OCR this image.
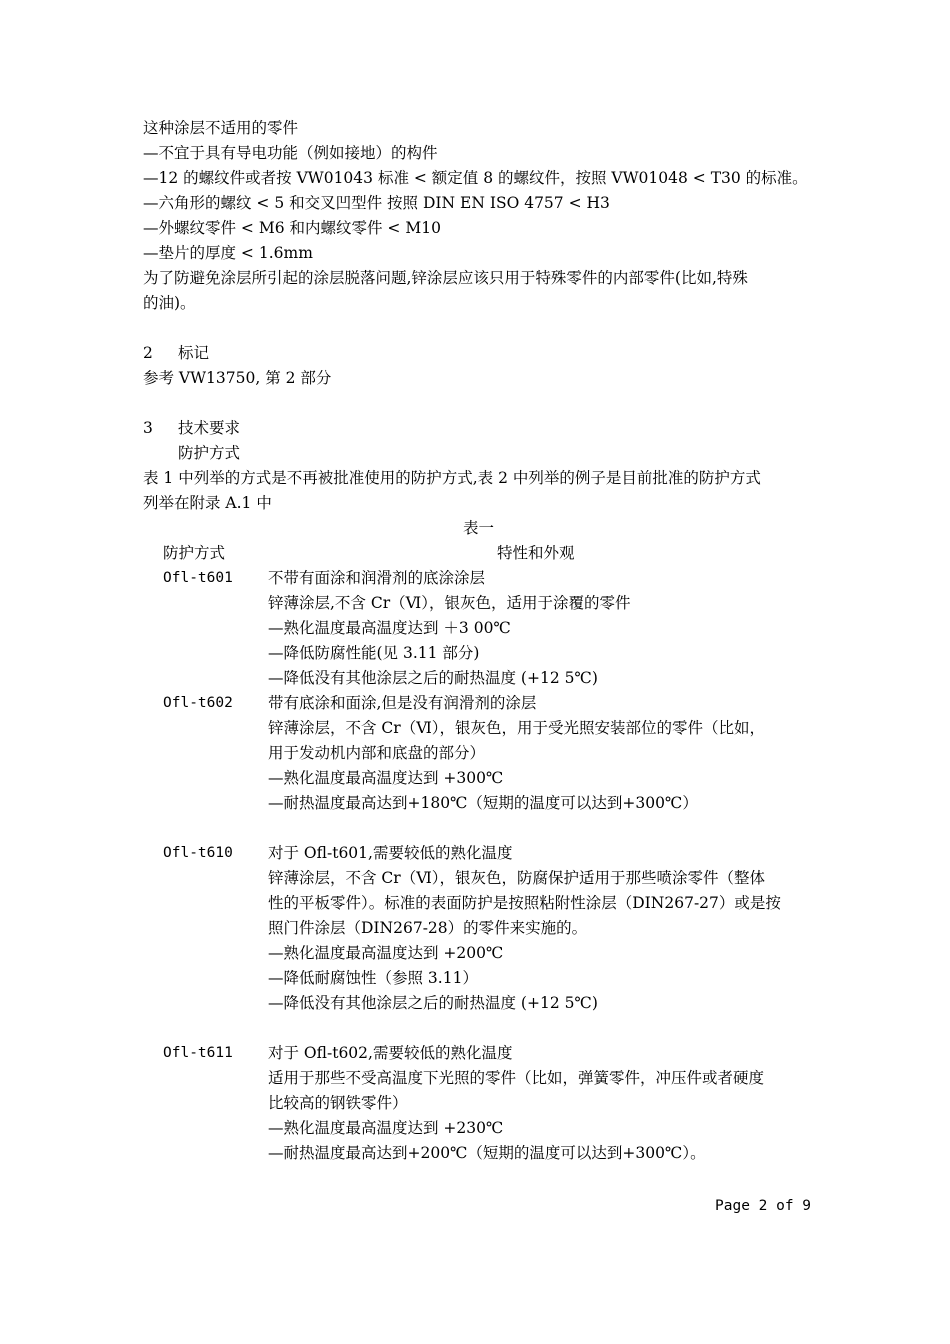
这种涂层不适用的零件
—不宜于具有导电功能（例如接地）的构件
—12 的螺纹件或者按 VW01043 标准 < 额定值 8 的螺纹件，按照 VW01048 < T30 的标准。
—六角形的螺纹 < 5 和交叉凹型件 按照 DIN EN ISO 4757 < H3
—外螺纹零件 < M6 和内螺纹零件 < M10
—垫片的厚度 < 1.6mm
为了防避免涂层所引起的涂层脱落问题,锌涂层应该只用于特殊零件的内部零件(比如,特殊
的油)。
2 标记
参考 VW13750, 第 2 部分
3 技术要求
防护方式
表 1 中列举的方式是不再被批准使用的防护方式,表 2 中列举的例子是目前批准的防护方式
列举在附录 A.1 中
表一
防护方式	特性和外观
Ofl-t601 不带有面涂和润滑剂的底涂涂层
锌薄涂层,不含 Cr（Ⅵ），银灰色，适用于涂覆的零件
—熟化温度最高温度达到 ＋3 00℃
—降低防腐性能(见 3.11 部分)
—降低没有其他涂层之后的耐热温度 (+12 5℃)
Ofl-t602 带有底涂和面涂,但是没有润滑剂的涂层
锌薄涂层，不含 Cr（Ⅵ），银灰色，用于受光照安装部位的零件（比如，
用于发动机内部和底盘的部分）
—熟化温度最高温度达到 +300℃
—耐热温度最高达到+180℃（短期的温度可以达到+300℃）
Ofl-t610 对于 Ofl-t601,需要较低的熟化温度
锌薄涂层，不含 Cr（Ⅵ），银灰色，防腐保护适用于那些喷涂零件（整体
性的平板零件）。标准的表面防护是按照粘附性涂层（DIN267-27）或是按
照门件涂层（DIN267-28）的零件来实施的。
—熟化温度最高温度达到 +200℃
—降低耐腐蚀性（参照 3.11）
—降低没有其他涂层之后的耐热温度 (+12 5℃)
Ofl-t611 对于 Ofl-t602,需要较低的熟化温度
适用于那些不受高温度下光照的零件（比如，弹簧零件，冲压件或者硬度
比较高的钢铁零件）
—熟化温度最高温度达到 +230℃
—耐热温度最高达到+200℃（短期的温度可以达到+300℃）。
Page 2 of 9
